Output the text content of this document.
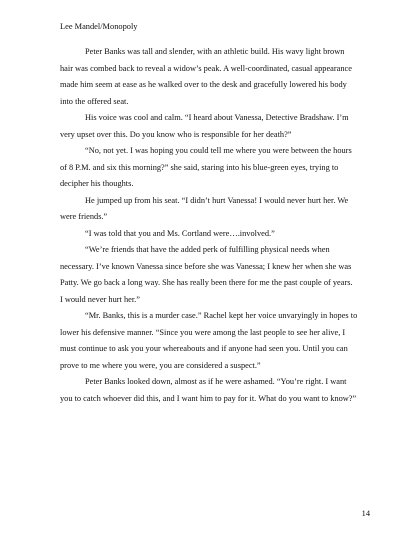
Lee Mandel/Monopoly

Peter Banks was tall and slender, with an athletic build. His wavy light brown
hair was combed back to reveal a widow’s peak. A well-coordinated, casual appearance
made him seem at ease as he walked over to the desk and gracefully lowered his body
into the offered seat.

His voice was cool and calm. “I heard about Vanessa, Detective Bradshaw. I’m
very upset over this. Do you know who is responsible for her death?”

“No, not yet. I was hoping you could tell me where you were between the hours
of 8 P.M. and six this morning?” she said, staring into his blue-green eyes, trying to
decipher his thoughts.

He jumped up from his seat. “I didn’t hurt Vanessa! I would never hurt her. We
were friends.”

“I was told that you and Ms. Cortland were….involved.”

“We’re friends that have the added perk of fulfilling physical needs when
necessary. I’ve known Vanessa since before she was Vanessa; I knew her when she was
Patty. We go back a long way. She has really been there for me the past couple of years.
I would never hurt her.”

“Mr. Banks, this is a murder case.” Rachel kept her voice unvaryingly in hopes to
lower his defensive manner. “Since you were among the last people to see her alive, I
must continue to ask you your whereabouts and if anyone had seen you. Until you can
prove to me where you were, you are considered a suspect.”

Peter Banks looked down, almost as if he were ashamed. “You’re right. I want
you to catch whoever did this, and I want him to pay for it. What do you want to know?”

14
